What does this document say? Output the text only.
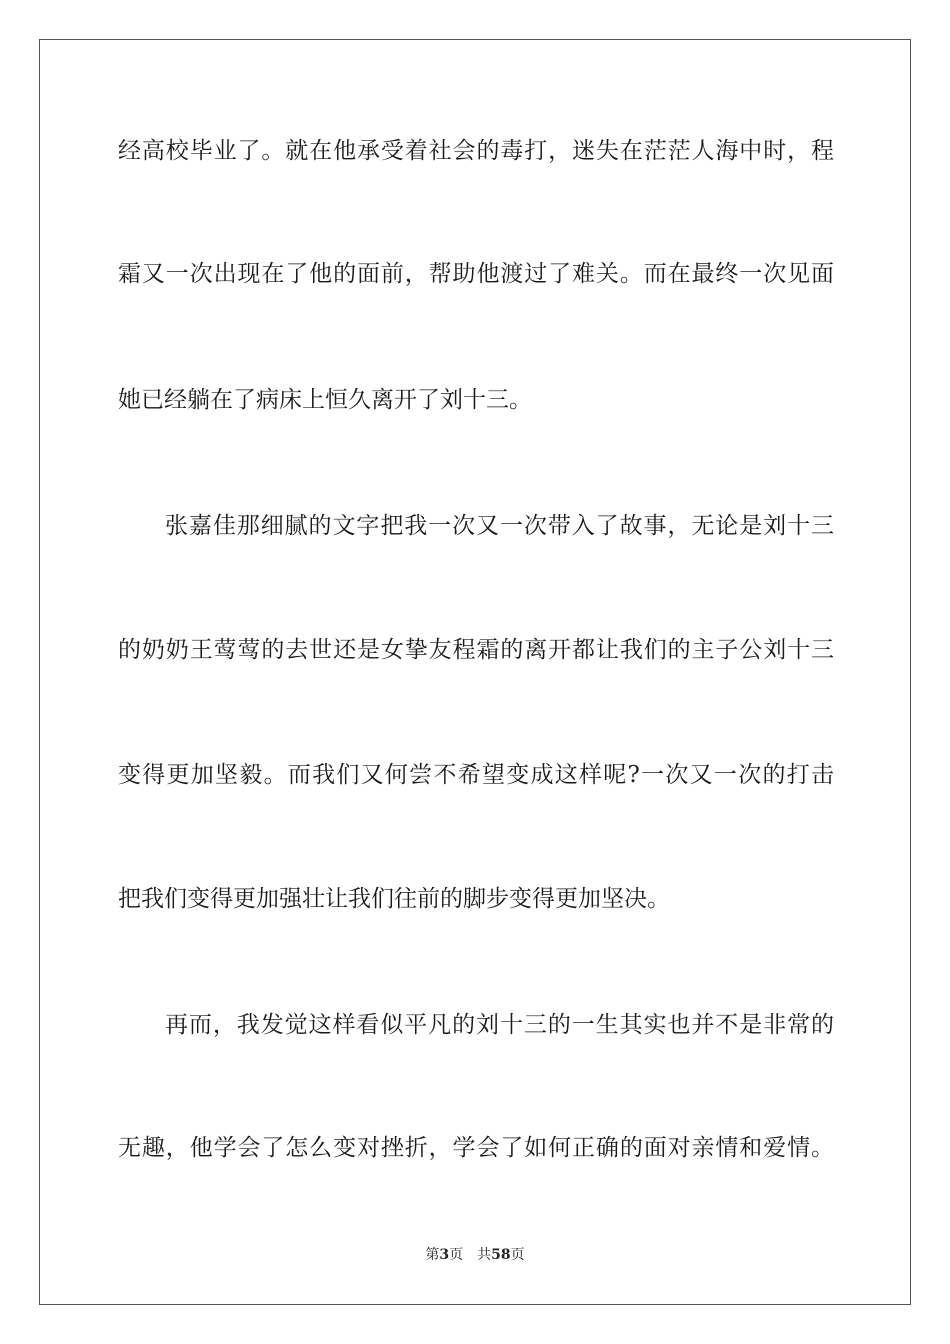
经高校毕业了。就在他承受着社会的毒打，迷失在茫茫人海中时，程
霜又一次出现在了他的面前，帮助他渡过了难关。而在最终一次见面
她已经躺在了病床上恒久离开了刘十三。
张嘉佳那细腻的文字把我一次又一次带入了故事，无论是刘十三
的奶奶王莺莺的去世还是女挚友程霜的离开都让我们的主子公刘十三
变得更加坚毅。而我们又何尝不希望变成这样呢?一次又一次的打击
把我们变得更加强壮让我们往前的脚步变得更加坚决。
再而，我发觉这样看似平凡的刘十三的一生其实也并不是非常的
无趣，他学会了怎么变对挫折，学会了如何正确的面对亲情和爱情。
第3页 共58页
